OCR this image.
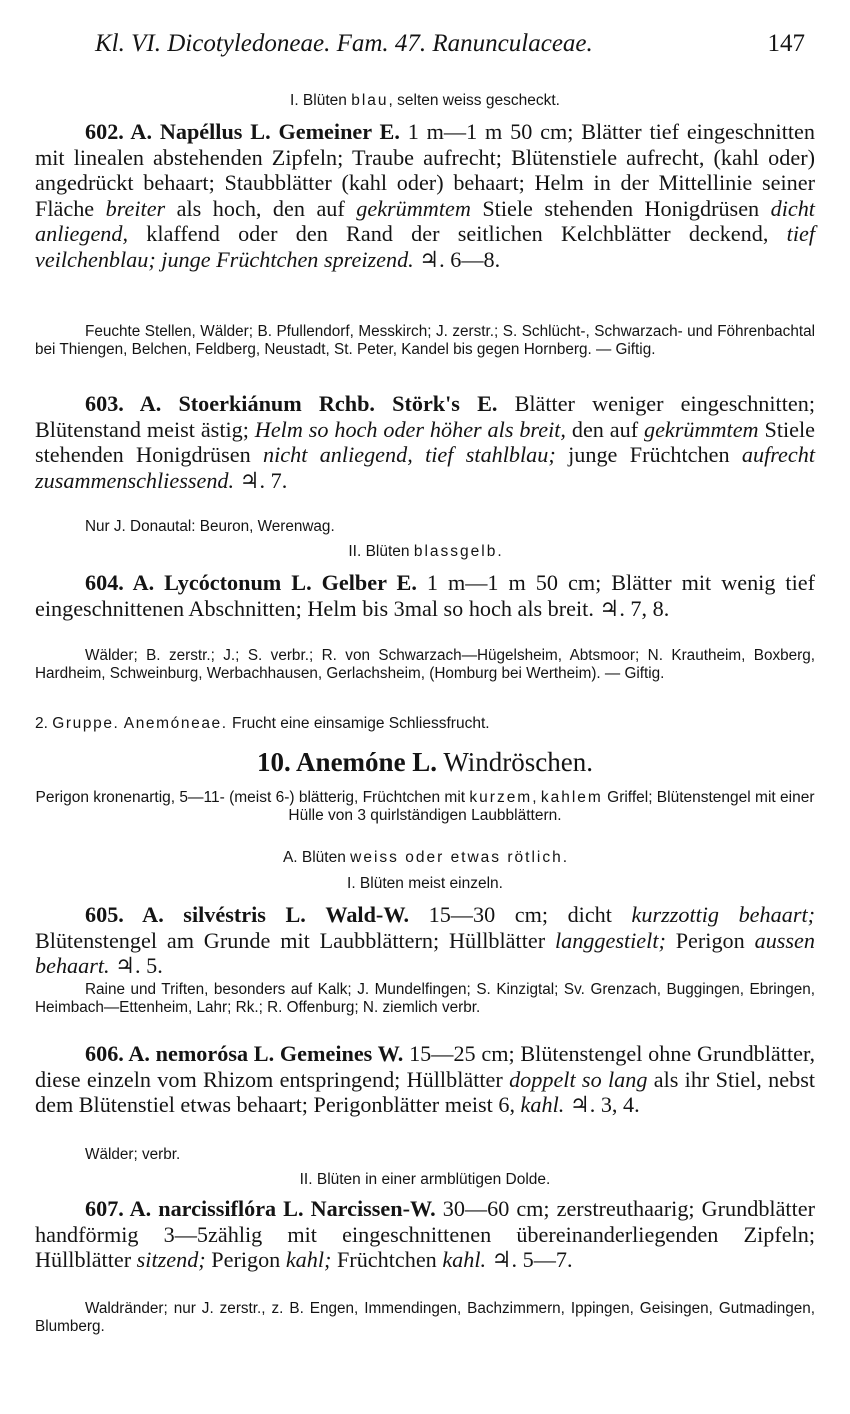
Kl. VI. Dicotyledoneae. Fam. 47. Ranunculaceae.	147
I. Blüten blau, selten weiss gescheckt.
602. A. Napéllus L. Gemeiner E. 1 m—1 m 50 cm; Blätter tief eingeschnitten mit linealen abstehenden Zipfeln; Traube aufrecht; Blütenstiele aufrecht, (kahl oder) angedrückt behaart; Staubblätter (kahl oder) behaart; Helm in der Mittellinie seiner Fläche breiter als hoch, den auf gekrümmtem Stiele stehenden Honigdrüsen dicht anliegend, klaffend oder den Rand der seitlichen Kelchblätter deckend, tief veilchenblau; junge Früchtchen spreizend. ♃. 6—8.
Feuchte Stellen, Wälder; B. Pfullendorf, Messkirch; J. zerstr.; S. Schlücht-, Schwarzach- und Föhrenbachtal bei Thiengen, Belchen, Feldberg, Neustadt, St. Peter, Kandel bis gegen Hornberg. — Giftig.
603. A. Stoerkiánum Rchb. Störk's E. Blätter weniger eingeschnitten; Blütenstand meist ästig; Helm so hoch oder höher als breit, den auf gekrümmtem Stiele stehenden Honigdrüsen nicht anliegend, tief stahlblau; junge Früchtchen aufrecht zusammenschliessend. ♃. 7.
Nur J. Donautal: Beuron, Werenwag.
II. Blüten blassgelb.
604. A. Lycóctonum L. Gelber E. 1 m—1 m 50 cm; Blätter mit wenig tief eingeschnittenen Abschnitten; Helm bis 3mal so hoch als breit. ♃. 7, 8.
Wälder; B. zerstr.; J.; S. verbr.; R. von Schwarzach—Hügelsheim, Abtsmoor; N. Krautheim, Boxberg, Hardheim, Schweinburg, Werbachhausen, Gerlachsheim, (Homburg bei Wertheim). — Giftig.
2. Gruppe. Anemóneae. Frucht eine einsamige Schliessfrucht.
10. Anemóne L. Windröschen.
Perigon kronenartig, 5—11- (meist 6-) blätterig, Früchtchen mit kurzem, kahlem Griffel; Blütenstengel mit einer Hülle von 3 quirlständigen Laubblättern.
A. Blüten weiss oder etwas rötlich.
I. Blüten meist einzeln.
605. A. silvéstris L. Wald-W. 15—30 cm; dicht kurzzottig behaart; Blütenstengel am Grunde mit Laubblättern; Hüllblätter langgestielt; Perigon aussen behaart. ♃. 5.
Raine und Triften, besonders auf Kalk; J. Mundelfingen; S. Kinzigtal; Sv. Grenzach, Buggingen, Ebringen, Heimbach—Ettenheim, Lahr; Rk.; R. Offenburg; N. ziemlich verbr.
606. A. nemorósa L. Gemeines W. 15—25 cm; Blütenstengel ohne Grundblätter, diese einzeln vom Rhizom entspringend; Hüllblätter doppelt so lang als ihr Stiel, nebst dem Blütenstiel etwas behaart; Perigonblätter meist 6, kahl. ♃. 3, 4.
Wälder; verbr.
II. Blüten in einer armblütigen Dolde.
607. A. narcissiflóra L. Narcissen-W. 30—60 cm; zerstreuthaarig; Grundblätter handförmig 3—5zählig mit eingeschnittenen übereinanderliegenden Zipfeln; Hüllblätter sitzend; Perigon kahl; Früchtchen kahl. ♃. 5—7.
Waldränder; nur J. zerstr., z. B. Engen, Immendingen, Bachzimmern, Ippingen, Geisingen, Gutmadingen, Blumberg.
